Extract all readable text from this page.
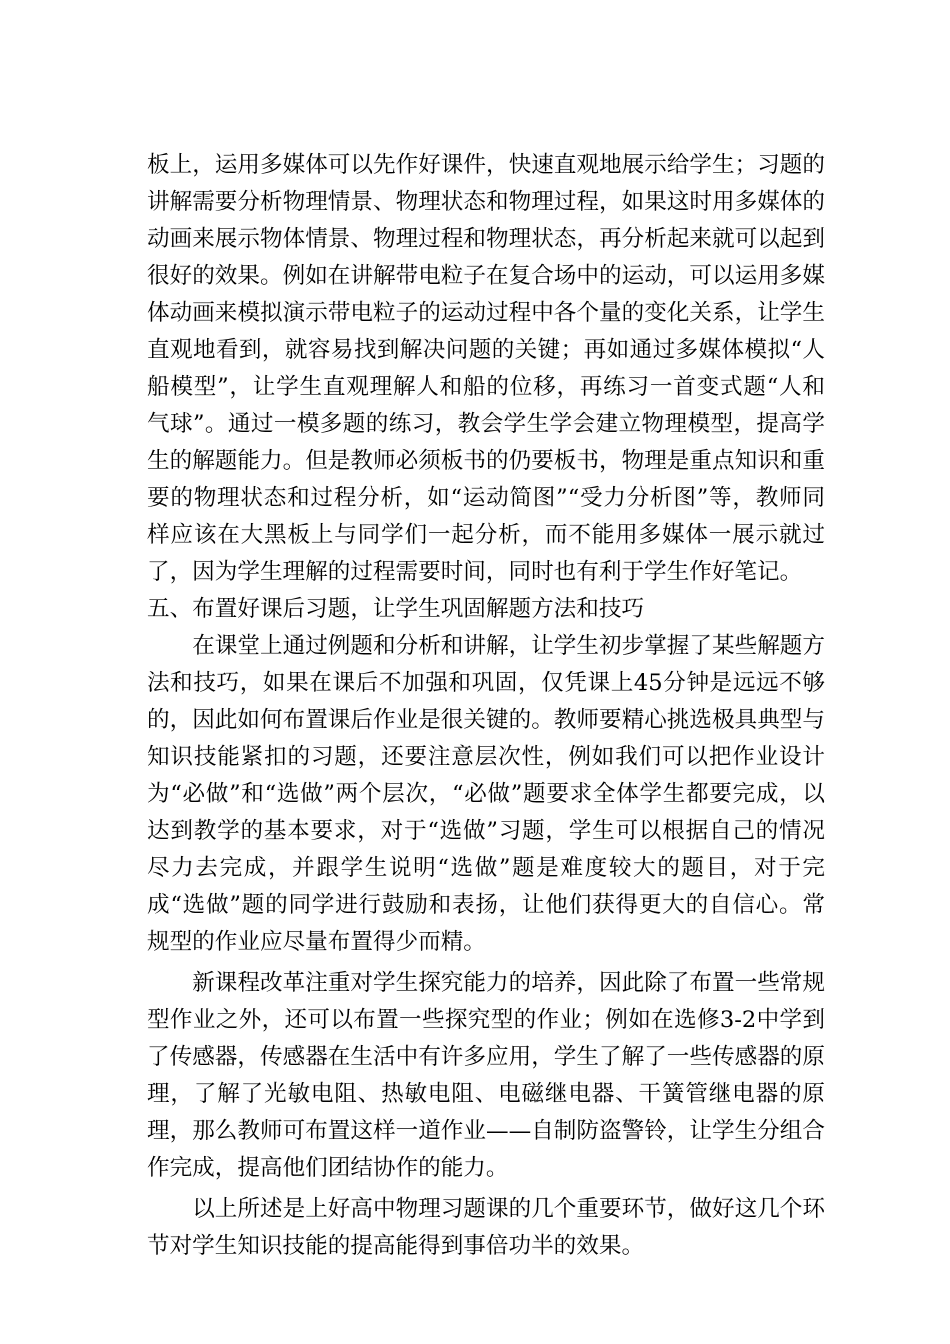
板上，运用多媒体可以先作好课件，快速直观地展示给学生；习题的讲解需要分析物理情景、物理状态和物理过程，如果这时用多媒体的动画来展示物体情景、物理过程和物理状态，再分析起来就可以起到很好的效果。例如在讲解带电粒子在复合场中的运动，可以运用多媒体动画来模拟演示带电粒子的运动过程中各个量的变化关系，让学生直观地看到，就容易找到解决问题的关键；再如通过多媒体模拟“人船模型”，让学生直观理解人和船的位移，再练习一首变式题“人和气球”。通过一模多题的练习，教会学生学会建立物理模型，提高学生的解题能力。但是教师必须板书的仍要板书，物理是重点知识和重要的物理状态和过程分析，如“运动简图”“受力分析图”等，教师同样应该在大黑板上与同学们一起分析，而不能用多媒体一展示就过了，因为学生理解的过程需要时间，同时也有利于学生作好笔记。

五、布置好课后习题，让学生巩固解题方法和技巧

在课堂上通过例题和分析和讲解，让学生初步掌握了某些解题方法和技巧，如果在课后不加强和巩固，仅凭课上45分钟是远远不够的，因此如何布置课后作业是很关键的。教师要精心挑选极具典型与知识技能紧扣的习题，还要注意层次性，例如我们可以把作业设计为“必做”和“选做”两个层次，“必做”题要求全体学生都要完成，以达到教学的基本要求，对于“选做”习题，学生可以根据自己的情况尽力去完成，并跟学生说明“选做”题是难度较大的题目，对于完成“选做”题的同学进行鼓励和表扬，让他们获得更大的自信心。常规型的作业应尽量布置得少而精。

新课程改革注重对学生探究能力的培养，因此除了布置一些常规型作业之外，还可以布置一些探究型的作业；例如在选修3-2中学到了传感器，传感器在生活中有许多应用，学生了解了一些传感器的原理，了解了光敏电阻、热敏电阻、电磁继电器、干簧管继电器的原理，那么教师可布置这样一道作业——自制防盗警铃，让学生分组合作完成，提高他们团结协作的能力。

以上所述是上好高中物理习题课的几个重要环节，做好这几个环节对学生知识技能的提高能得到事倍功半的效果。
